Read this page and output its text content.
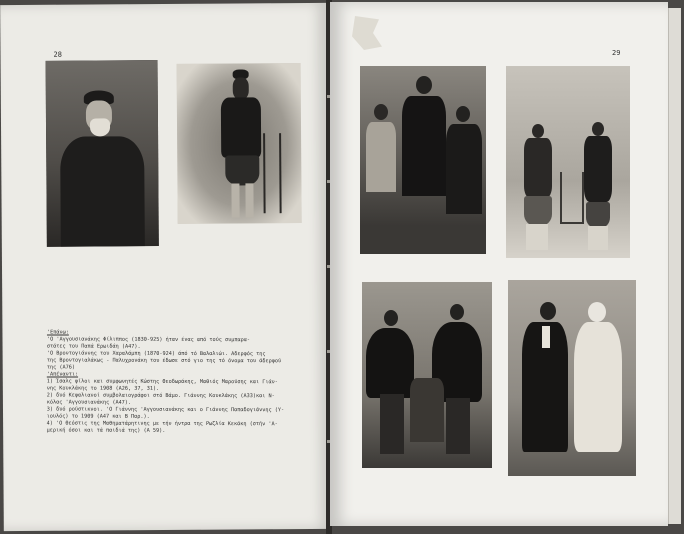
28

'Επάνω:

'Ο 'Αγγουσιανάκης Φίλιππος (1830-925) ήταν ένας από τούς συμπαρα-

στάτες του Παπά Ερωιδάη (Α47).

'Ο Βροντογιάννης του Χαραλάμπη (1870-924) άπό τό Βαλαλιώι. Αδερφός της

της Βροντογιαλάκως - Παλυχρονάκη του έδωσε στό γιο της τό όνομα του άδερφού

της (Α76)

'Απέναντι:

1) Ίσαλς φίλοι και συμφωνητές Κώστης Θεοδωράκης, Μαθιός Μαρούσης και Γιάν-

νης Κουκλάκης το 1908 (Α26, 37, 31).

2) δυό Κεφαλιανοί συμβολαιογράφοι στό Βάμο. Γιάννης Κουκλάκης (Α33)και Ν-

κόλας 'Αγγουσιανάκης (Α47).

3) δυό ρούστικνοι. 'Ο Γιάννης 'Αγγουσιανάκης και ο Γιάννης Παπαδογιάννης (Υ-

ιουλός) το 1909 (Α47 και Β Παρ.).

4) 'Ο Θεόστις της Μαθηματάρητινης με τήν ήντρα της Ρωζλία Κεκάκη (στήν 'Α-

μερική όσοι και τά παιδιά της) (Α 59).

29
